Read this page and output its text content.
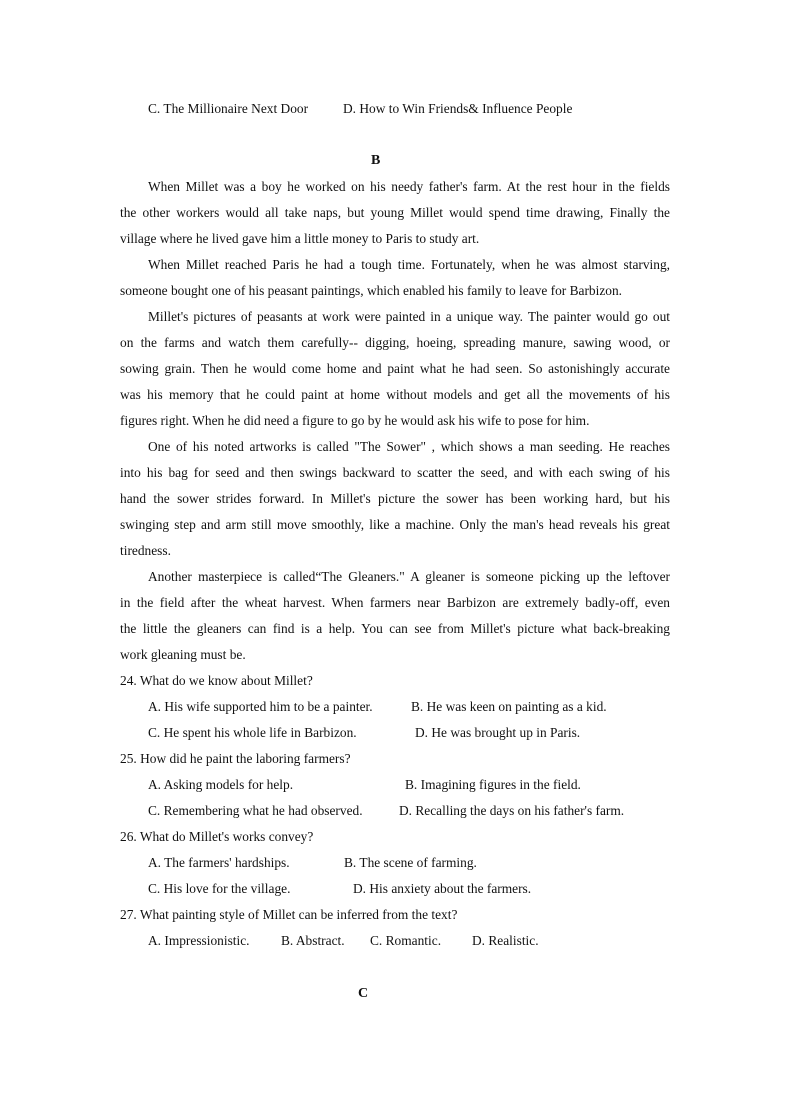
C. The Millionaire Next Door	D. How to Win Friends& Influence People
B
When Millet was a boy he worked on his needy father's farm. At the rest hour in the fields
the other workers would all take naps, but young Millet would spend time drawing, Finally the
village where he lived gave him a little money to Paris to study art.
When Millet reached Paris he had a tough time. Fortunately, when he was almost starving,
someone bought one of his peasant paintings, which enabled his family to leave for Barbizon.
Millet's pictures of peasants at work were painted in a unique way. The painter would go out
on the farms and watch them carefully-- digging, hoeing, spreading manure, sawing wood, or
sowing grain. Then he would come home and paint what he had seen. So astonishingly accurate
was his memory that he could paint at home without models and get all the movements of his
figures right. When he did need a figure to go by he would ask his wife to pose for him.
One of his noted artworks is called "The Sower" , which shows a man seeding. He reaches
into his bag for seed and then swings backward to scatter the seed, and with each swing of his
hand the sower strides forward. In Millet's picture the sower has been working hard, but his
swinging step and arm still move smoothly, like a machine. Only the man's head reveals his great
tiredness.
Another masterpiece is called“The Gleaners." A gleaner is someone picking up the leftover
in the field after the wheat harvest. When farmers near Barbizon are extremely badly-off, even
the little the gleaners can find is a help. You can see from Millet's picture what back-breaking
work gleaning must be.
24. What do we know about Millet?
A. His wife supported him to be a painter.	B. He was keen on painting as a kid.
C. He spent his whole life in Barbizon.	D. He was brought up in Paris.
25. How did he paint the laboring farmers?
A. Asking models for help.	B. Imagining figures in the field.
C. Remembering what he had observed.	D. Recalling the days on his father's farm.
26. What do Millet's works convey?
A. The farmers' hardships.	B. The scene of farming.
C. His love for the village.	D. His anxiety about the farmers.
27. What painting style of Millet can be inferred from the text?
A. Impressionistic. B. Abstract. C. Romantic. D. Realistic.
C
